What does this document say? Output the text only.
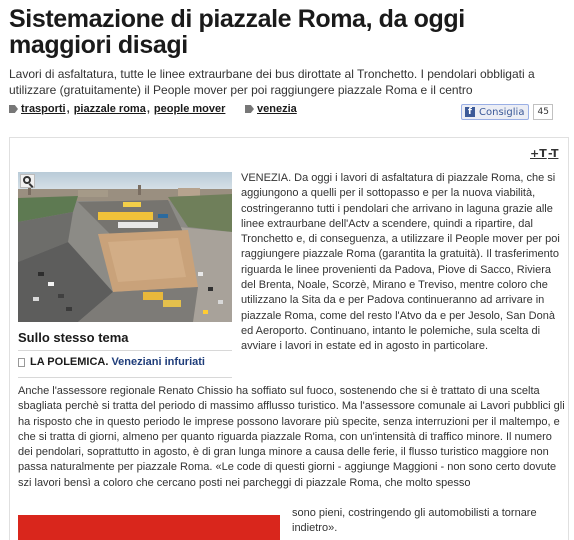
Sistemazione di piazzale Roma, da oggi maggiori disagi

Lavori di asfaltatura, tutte le linee extraurbane dei bus dirottate al Tronchetto. I pendolari obbligati a utilizzare (gratuitamente) il People mover per poi raggiungere piazzale Roma e il centro

trasporti , piazzale roma , people mover	venezia	f Consiglia	45
+T -T
Sullo stesso tema
LA POLEMICA. Veneziani infuriati

VENEZIA. Da oggi i lavori di asfaltatura di piazzale Roma, che si aggiungono a quelli per il sottopasso e per la nuova viabilità, costringeranno tutti i pendolari che arrivano in laguna grazie alle linee extraurbane dell'Actv a scendere, quindi a ripartire, dal Tronchetto e, di conseguenza, a utilizzare il People mover per poi raggiungere piazzale Roma (garantita la gratuità). Il trasferimento riguarda le linee provenienti da Padova, Piove di Sacco, Riviera del Brenta, Noale, Scorzè, Mirano e Treviso, mentre coloro che utilizzano la Sita da e per Padova continueranno ad arrivare in piazzale Roma, come del resto l'Atvo da e per Jesolo, San Donà ed Aeroporto. Continuano, intanto le polemiche, sula scelta di avviare i lavori in estate ed in agosto in particolare.

Anche l'assessore regionale Renato Chissio ha soffiato sul fuoco, sostenendo che si è trattato di una scelta sbagliata perchè si tratta del periodo di massimo afflusso turistico. Ma l'assessore comunale ai Lavori pubblici gli ha risposto che in questo periodo le imprese possono lavorare più specite, senza interruzioni per il maltempo, e che si tratta di giorni, almeno per quanto riguarda piazzale Roma, con un'intensità di traffico minore. Il numero dei pendolari, soprattutto in agosto, è di gran lunga minore a causa delle ferie, il flusso turistico maggiore non passa naturalmente per piazzale Roma. «Le code di questi giorni - aggiunge Maggioni - non sono certo dovute szi lavori bensì a coloro che cercano posti nei parcheggi di piazzale Roma, che molto spesso

sono pieni, costringendo gli automobilisti a tornare indietro».
